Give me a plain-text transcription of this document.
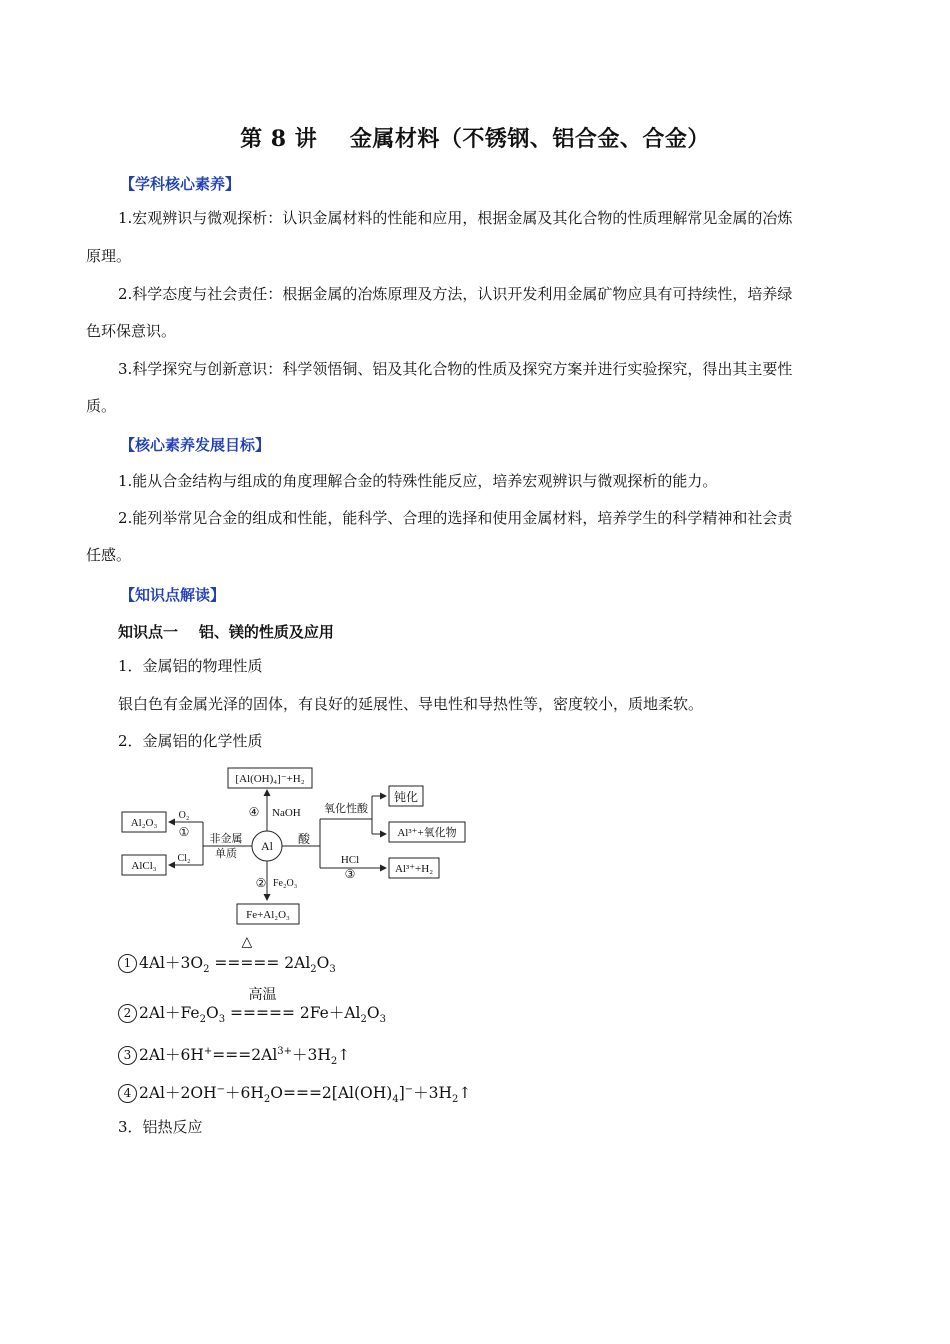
第 8 讲    金属材料（不锈钢、铝合金、合金）
【学科核心素养】
1.宏观辨识与微观探析：认识金属材料的性能和应用，根据金属及其化合物的性质理解常见金属的冶炼
原理。
2.科学态度与社会责任：根据金属的冶炼原理及方法，认识开发利用金属矿物应具有可持续性，培养绿
色环保意识。
3.科学探究与创新意识：科学领悟铜、铝及其化合物的性质及探究方案并进行实验探究，得出其主要性
质。
【核心素养发展目标】
1.能从合金结构与组成的角度理解合金的特殊性能反应，培养宏观辨识与微观探析的能力。
2.能列举常见合金的组成和性能，能科学、合理的选择和使用金属材料，培养学生的科学精神和社会责
任感。
【知识点解读】
知识点一    铝、镁的性质及应用
1．金属铝的物理性质
银白色有金属光泽的固体，有良好的延展性、导电性和导热性等，密度较小，质地柔软。
2．金属铝的化学性质
Al
[Al(OH)₄]⁻+H₂
④ NaOH
Al₂O₃
AlCl₃
O₂
①
Cl₂
非金属
单质
酸
氧化性酸
钝化
Al³⁺+氧化物
HCl
③	Al³⁺+H₂
② Fe₂O₃
Fe+Al₂O₃
1 $4Al+3O_2$
△
===== $2Al_2O_3$
2 $2Al+Fe_2O_3$
高温
===== $2Fe+Al_2O_3$
3 $2Al+6H^+===2Al^{3+}+3H_2↑$
4 $2Al+2OH^-+6H_2O===2[Al(OH)_4]^-+3H_2↑$
3．铝热反应
